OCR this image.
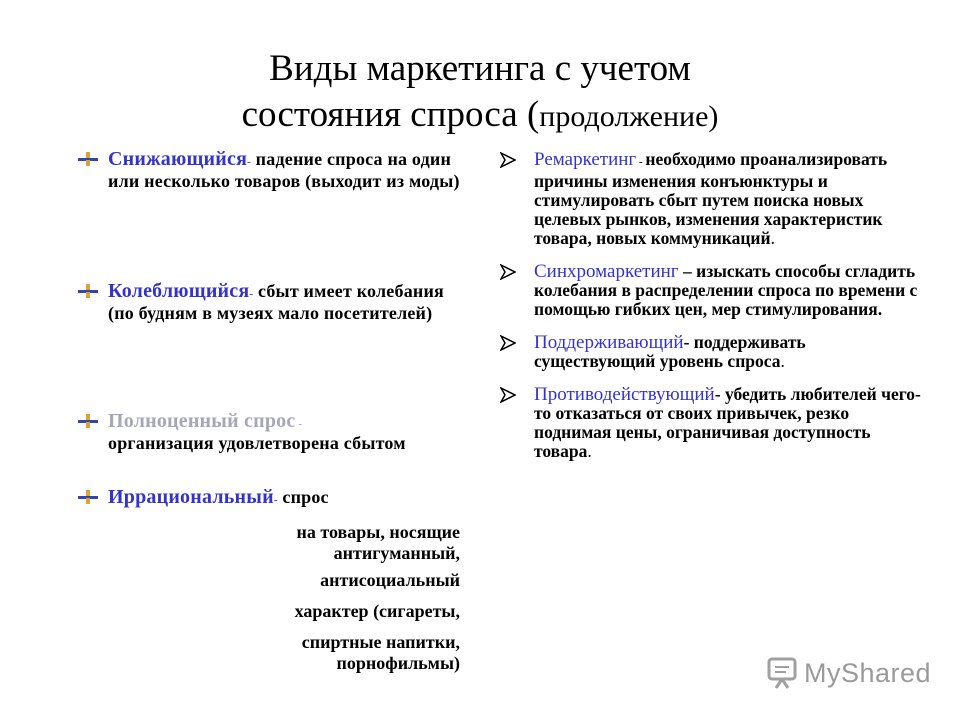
Виды маркетинга с учетом
состояния спроса (продолжение)
Снижающийся- падение спроса на один или несколько товаров (выходит из моды)
Колеблющийся- сбыт имеет колебания (по будням в музеях мало посетителей)
Полноценный спрос -
организация удовлетворена сбытом
Иррациональный- спрос
на товары, носящие антигуманный,
антисоциальный
характер (сигареты,
спиртные напитки,
порнофильмы)
Ремаркетинг - необходимо проанализировать причины изменения конъюнктуры и стимулировать сбыт путем поиска новых целевых рынков, изменения характеристик товара, новых коммуникаций.
Синхромаркетинг – изыскать способы сгладить колебания в распределении спроса по времени с помощью гибких цен, мер стимулирования.
Поддерживающий- поддерживать существующий уровень спроса.
Противодействующий- убедить любителей чего-то отказаться от своих привычек, резко поднимая цены, ограничивая доступность товара.
MyShared
